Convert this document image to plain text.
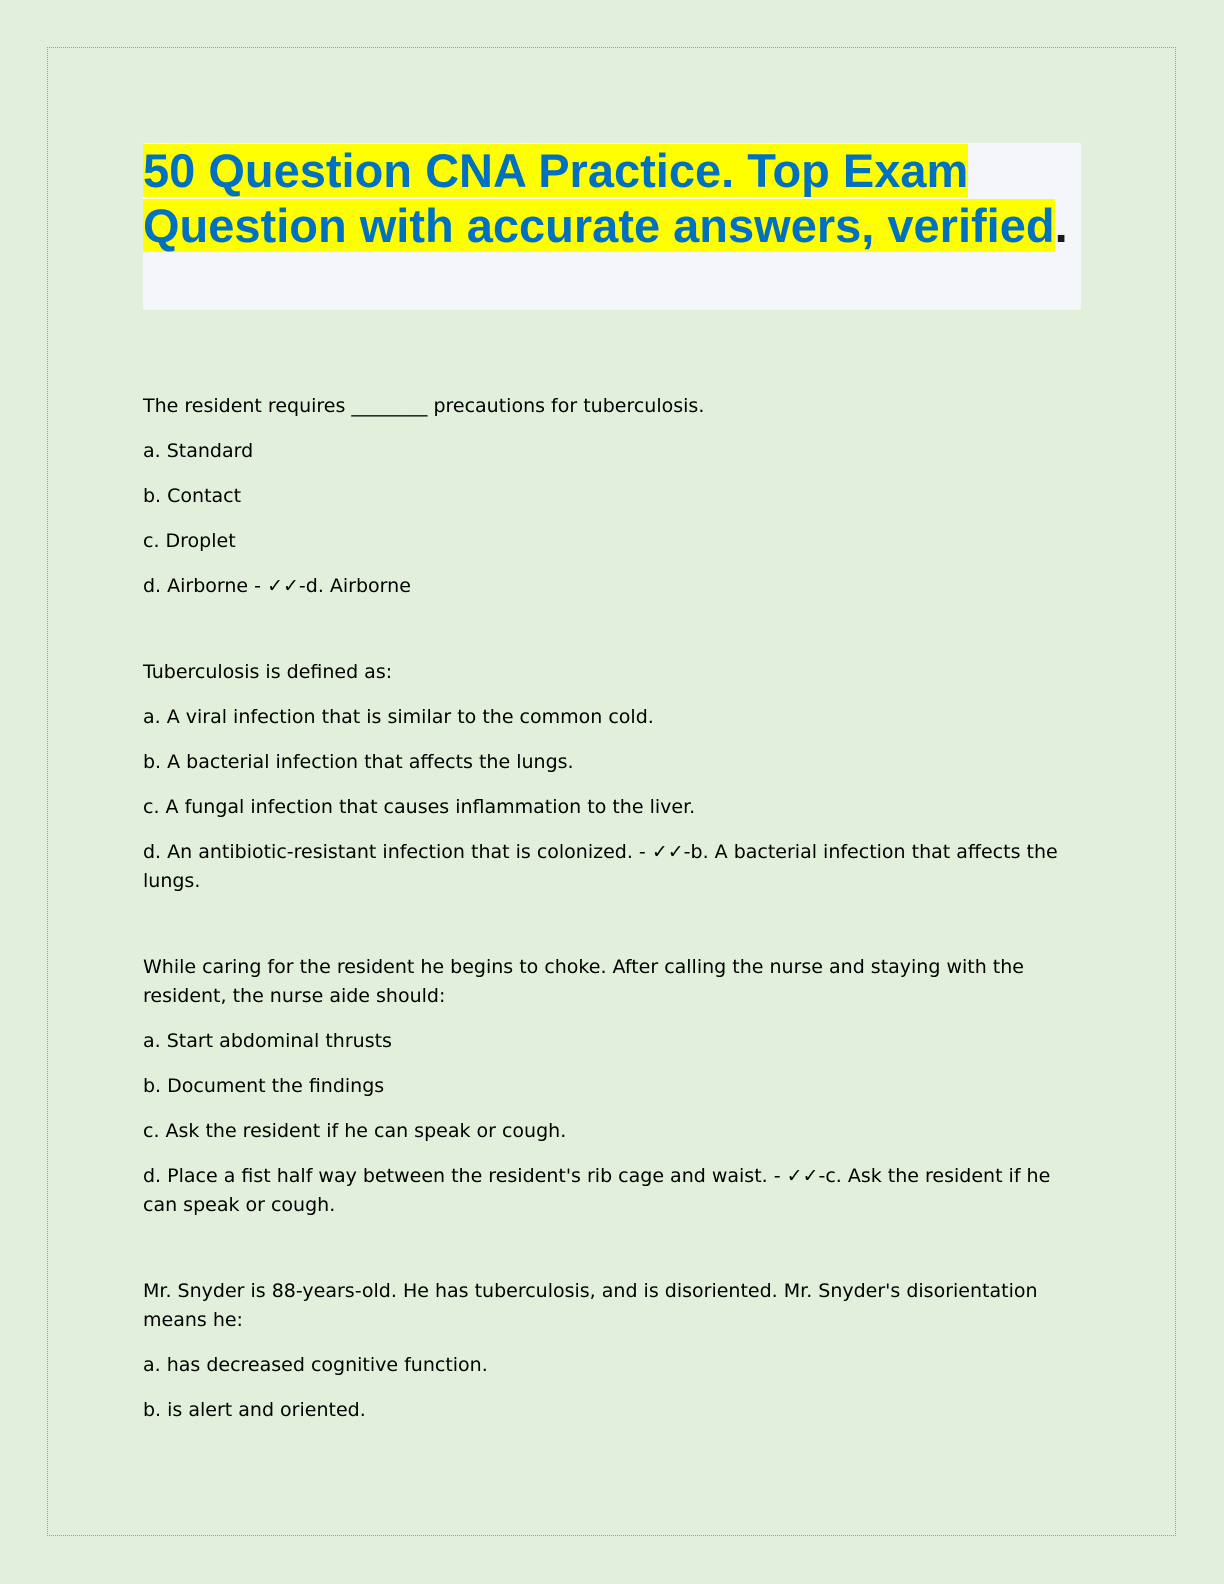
50 Question CNA Practice. Top Exam Question with accurate answers, verified.

The resident requires ________ precautions for tuberculosis.

a. Standard

b. Contact

c. Droplet

d. Airborne - ✓✓-d. Airborne

Tuberculosis is defined as:

a. A viral infection that is similar to the common cold.

b. A bacterial infection that affects the lungs.

c. A fungal infection that causes inflammation to the liver.

d. An antibiotic-resistant infection that is colonized. - ✓✓-b. A bacterial infection that affects the lungs.

While caring for the resident he begins to choke. After calling the nurse and staying with the resident, the nurse aide should:

a. Start abdominal thrusts

b. Document the findings

c. Ask the resident if he can speak or cough.

d. Place a fist half way between the resident's rib cage and waist. - ✓✓-c. Ask the resident if he can speak or cough.

Mr. Snyder is 88-years-old. He has tuberculosis, and is disoriented. Mr. Snyder's disorientation means he:

a. has decreased cognitive function.

b. is alert and oriented.
